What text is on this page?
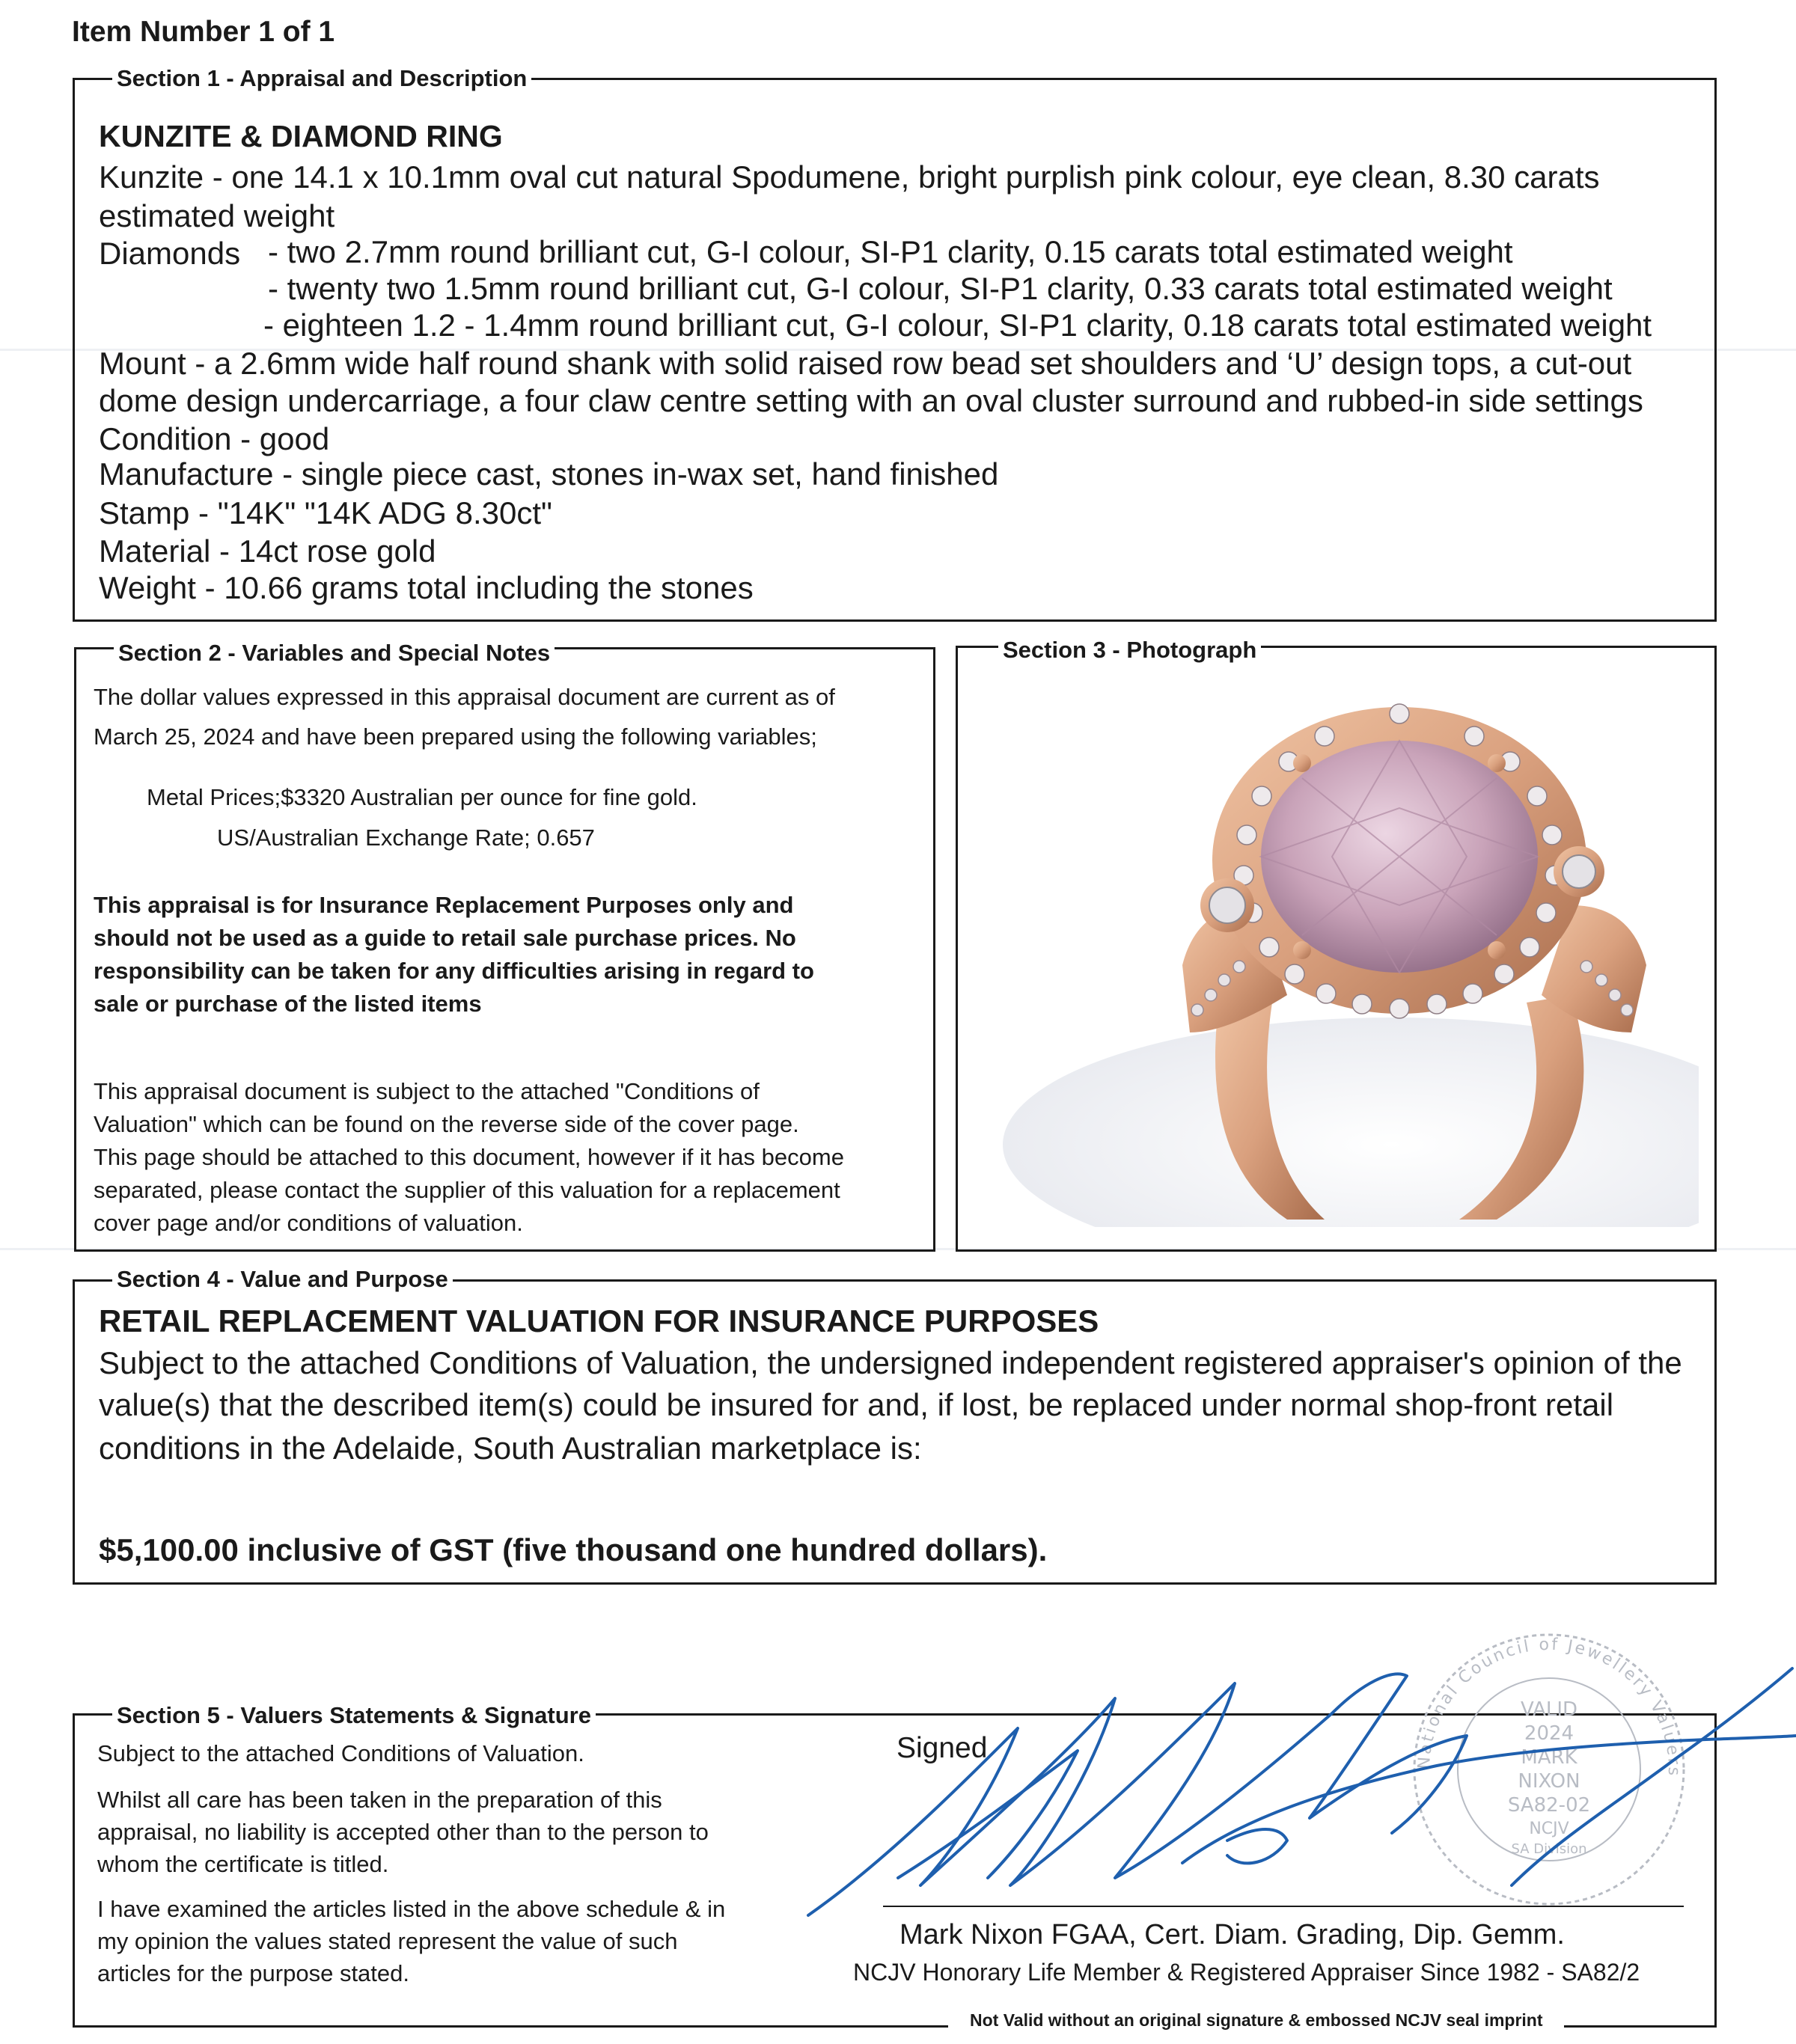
Item Number 1 of 1
Section 1 - Appraisal and Description
KUNZITE & DIAMOND RING
Kunzite - one 14.1 x 10.1mm oval cut natural Spodumene, bright purplish pink colour, eye clean, 8.30 carats
estimated weight
Diamonds - two 2.7mm round brilliant cut, G-I colour, SI-P1 clarity, 0.15 carats total estimated weight
- twenty two 1.5mm round brilliant cut, G-I colour, SI-P1 clarity, 0.33 carats total estimated weight
- eighteen 1.2 - 1.4mm round brilliant cut, G-I colour, SI-P1 clarity, 0.18 carats total estimated weight
Mount - a 2.6mm wide half round shank with solid raised row bead set shoulders and ‘U’ design tops, a cut-out
dome design undercarriage, a four claw centre setting with an oval cluster surround and rubbed-in side settings
Condition - good
Manufacture - single piece cast, stones in-wax set, hand finished
Stamp - "14K" "14K ADG 8.30ct"
Material - 14ct rose gold
Weight - 10.66 grams total including the stones
Section 2 - Variables and Special Notes
The dollar values expressed in this appraisal document are current as of
March 25, 2024 and have been prepared using the following variables;
Metal Prices;$3320 Australian per ounce for fine gold.
US/Australian Exchange Rate; 0.657
This appraisal is for Insurance Replacement Purposes only and
should not be used as a guide to retail sale purchase prices. No
responsibility can be taken for any difficulties arising in regard to
sale or purchase of the listed items
This appraisal document is subject to the attached "Conditions of
Valuation" which can be found on the reverse side of the cover page.
This page should be attached to this document, however if it has become
separated, please contact the supplier of this valuation for a replacement
cover page and/or conditions of valuation.
Section 3 - Photograph
Section 4 - Value and Purpose
RETAIL REPLACEMENT VALUATION FOR INSURANCE PURPOSES
Subject to the attached Conditions of Valuation, the undersigned independent registered appraiser's opinion of the
value(s) that the described item(s) could be insured for and, if lost, be replaced under normal shop-front retail
conditions in the Adelaide, South Australian marketplace is:
$5,100.00 inclusive of GST (five thousand one hundred dollars).
Section 5 - Valuers Statements & Signature
Subject to the attached Conditions of Valuation.
Whilst all care has been taken in the preparation of this
appraisal, no liability is accepted other than to the person to
whom the certificate is titled.
I have examined the articles listed in the above schedule & in
my opinion the values stated represent the value of such
articles for the purpose stated.
Signed	National Council of Jewellery Valuers
VALID
2024
MARK
NIXON
SA82-02
NCJV
SA Division
Mark Nixon FGAA, Cert. Diam. Grading, Dip. Gemm.
NCJV Honorary Life Member & Registered Appraiser Since 1982 - SA82/2
Not Valid without an original signature & embossed NCJV seal imprint
